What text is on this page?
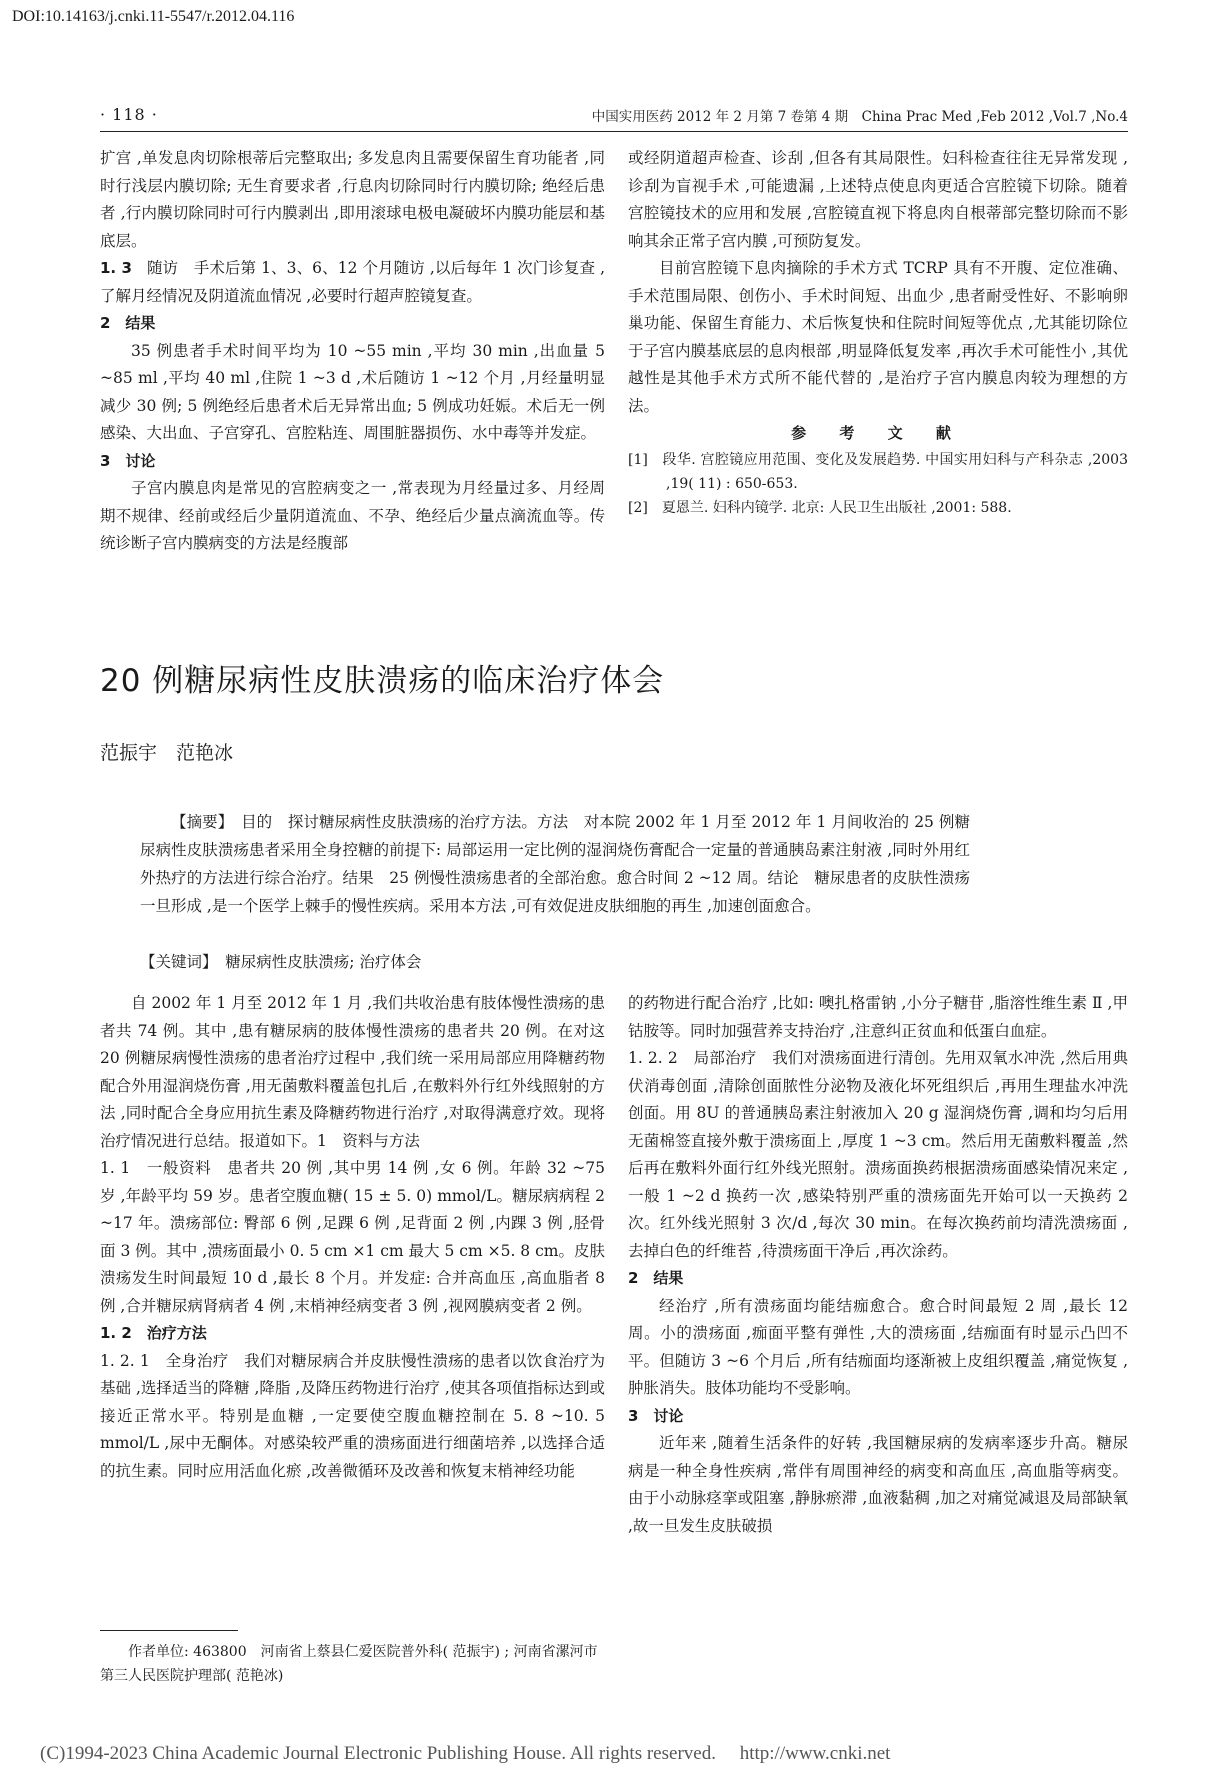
DOI:10.14163/j.cnki.11-5547/r.2012.04.116
· 118 ·	中国实用医药 2012 年 2 月第 7 卷第 4 期　China Prac Med ,Feb 2012 ,Vol.7 ,No.4

扩宫 ,单发息肉切除根蒂后完整取出; 多发息肉且需要保留生育功能者 ,同时行浅层内膜切除; 无生育要求者 ,行息肉切除同时行内膜切除; 绝经后患者 ,行内膜切除同时可行内膜剥出 ,即用滚球电极电凝破坏内膜功能层和基底层。

1. 3 随访　手术后第 1、3、6、12 个月随访 ,以后每年 1 次门诊复查 ,了解月经情况及阴道流血情况 ,必要时行超声腔镜复查。

2　结果

35 例患者手术时间平均为 10 ~55 min ,平均 30 min ,出血量 5 ~85 ml ,平均 40 ml ,住院 1 ~3 d ,术后随访 1 ~12 个月 ,月经量明显减少 30 例; 5 例绝经后患者术后无异常出血; 5 例成功妊娠。术后无一例感染、大出血、子宫穿孔、宫腔粘连、周围脏器损伤、水中毒等并发症。

3　讨论

子宫内膜息肉是常见的宫腔病变之一 ,常表现为月经量过多、月经周期不规律、经前或经后少量阴道流血、不孕、绝经后少量点滴流血等。传统诊断子宫内膜病变的方法是经腹部

或经阴道超声检查、诊刮 ,但各有其局限性。妇科检查往往无异常发现 ,诊刮为盲视手术 ,可能遗漏 ,上述特点使息肉更适合宫腔镜下切除。随着宫腔镜技术的应用和发展 ,宫腔镜直视下将息肉自根蒂部完整切除而不影响其余正常子宫内膜 ,可预防复发。

目前宫腔镜下息肉摘除的手术方式 TCRP 具有不开腹、定位准确、手术范围局限、创伤小、手术时间短、出血少 ,患者耐受性好、不影响卵巢功能、保留生育能力、术后恢复快和住院时间短等优点 ,尤其能切除位于子宫内膜基底层的息肉根部 ,明显降低复发率 ,再次手术可能性小 ,其优越性是其他手术方式所不能代替的 ,是治疗子宫内膜息肉较为理想的方法。

参 考 文 献

[1]　段华. 宫腔镜应用范围、变化及发展趋势. 中国实用妇科与产科杂志 ,2003 ,19( 11) : 650-653.

[2]　夏恩兰. 妇科内镜学. 北京: 人民卫生出版社 ,2001: 588.

20 例糖尿病性皮肤溃疡的临床治疗体会
范振宇　范艳冰

【摘要】　目的　探讨糖尿病性皮肤溃疡的治疗方法。方法　对本院 2002 年 1 月至 2012 年 1 月间收治的 25 例糖尿病性皮肤溃疡患者采用全身控糖的前提下: 局部运用一定比例的湿润烧伤膏配合一定量的普通胰岛素注射液 ,同时外用红外热疗的方法进行综合治疗。结果　25 例慢性溃疡患者的全部治愈。愈合时间 2 ~12 周。结论　糖尿患者的皮肤性溃疡一旦形成 ,是一个医学上棘手的慢性疾病。采用本方法 ,可有效促进皮肤细胞的再生 ,加速创面愈合。

【关键词】　糖尿病性皮肤溃疡; 治疗体会

自 2002 年 1 月至 2012 年 1 月 ,我们共收治患有肢体慢性溃疡的患者共 74 例。其中 ,患有糖尿病的肢体慢性溃疡的患者共 20 例。在对这 20 例糖尿病慢性溃疡的患者治疗过程中 ,我们统一采用局部应用降糖药物配合外用湿润烧伤膏 ,用无菌敷料覆盖包扎后 ,在敷料外行红外线照射的方法 ,同时配合全身应用抗生素及降糖药物进行治疗 ,对取得满意疗效。现将治疗情况进行总结。报道如下。1　资料与方法

1. 1　一般资料　患者共 20 例 ,其中男 14 例 ,女 6 例。年龄 32 ~75 岁 ,年龄平均 59 岁。患者空腹血糖( 15 ± 5. 0) mmol/L。糖尿病病程 2 ~17 年。溃疡部位: 臀部 6 例 ,足踝 6 例 ,足背面 2 例 ,内踝 3 例 ,胫骨面 3 例。其中 ,溃疡面最小 0. 5 cm ×1 cm 最大 5 cm ×5. 8 cm。皮肤溃疡发生时间最短 10 d ,最长 8 个月。并发症: 合并高血压 ,高血脂者 8 例 ,合并糖尿病肾病者 4 例 ,末梢神经病变者 3 例 ,视网膜病变者 2 例。

1. 2　治疗方法

1. 2. 1　全身治疗　我们对糖尿病合并皮肤慢性溃疡的患者以饮食治疗为基础 ,选择适当的降糖 ,降脂 ,及降压药物进行治疗 ,使其各项值指标达到或接近正常水平。特别是血糖 ,一定要使空腹血糖控制在 5. 8 ~10. 5 mmol/L ,尿中无酮体。对感染较严重的溃疡面进行细菌培养 ,以选择合适的抗生素。同时应用活血化瘀 ,改善微循环及改善和恢复末梢神经功能

的药物进行配合治疗 ,比如: 噢扎格雷钠 ,小分子糖苷 ,脂溶性维生素 Ⅱ ,甲钴胺等。同时加强营养支持治疗 ,注意纠正贫血和低蛋白血症。

1. 2. 2　局部治疗　我们对溃疡面进行清创。先用双氧水冲洗 ,然后用典伏消毒创面 ,清除创面脓性分泌物及液化坏死组织后 ,再用生理盐水冲洗创面。用 8U 的普通胰岛素注射液加入 20 g 湿润烧伤膏 ,调和均匀后用无菌棉签直接外敷于溃疡面上 ,厚度 1 ~3 cm。然后用无菌敷料覆盖 ,然后再在敷料外面行红外线光照射。溃疡面换药根据溃疡面感染情况来定 ,一般 1 ~2 d 换药一次 ,感染特别严重的溃疡面先开始可以一天换药 2 次。红外线光照射 3 次/d ,每次 30 min。在每次换药前均清洗溃疡面 ,去掉白色的纤维苔 ,待溃疡面干净后 ,再次涂药。

2　结果

经治疗 ,所有溃疡面均能结痂愈合。愈合时间最短 2 周 ,最长 12 周。小的溃疡面 ,痂面平整有弹性 ,大的溃疡面 ,结痂面有时显示凸凹不平。但随访 3 ~6 个月后 ,所有结痂面均逐渐被上皮组织覆盖 ,痛觉恢复 ,肿胀消失。肢体功能均不受影响。

3　讨论

近年来 ,随着生活条件的好转 ,我国糖尿病的发病率逐步升高。糖尿病是一种全身性疾病 ,常伴有周围神经的病变和高血压 ,高血脂等病变。由于小动脉痉挛或阻塞 ,静脉瘀滞 ,血液黏稠 ,加之对痛觉减退及局部缺氧 ,故一旦发生皮肤破损

作者单位: 463800　河南省上蔡县仁爱医院普外科( 范振宇) ; 河南省漯河市第三人民医院护理部( 范艳冰)

(C)1994-2023 China Academic Journal Electronic Publishing House. All rights reserved.　 http://www.cnki.net
